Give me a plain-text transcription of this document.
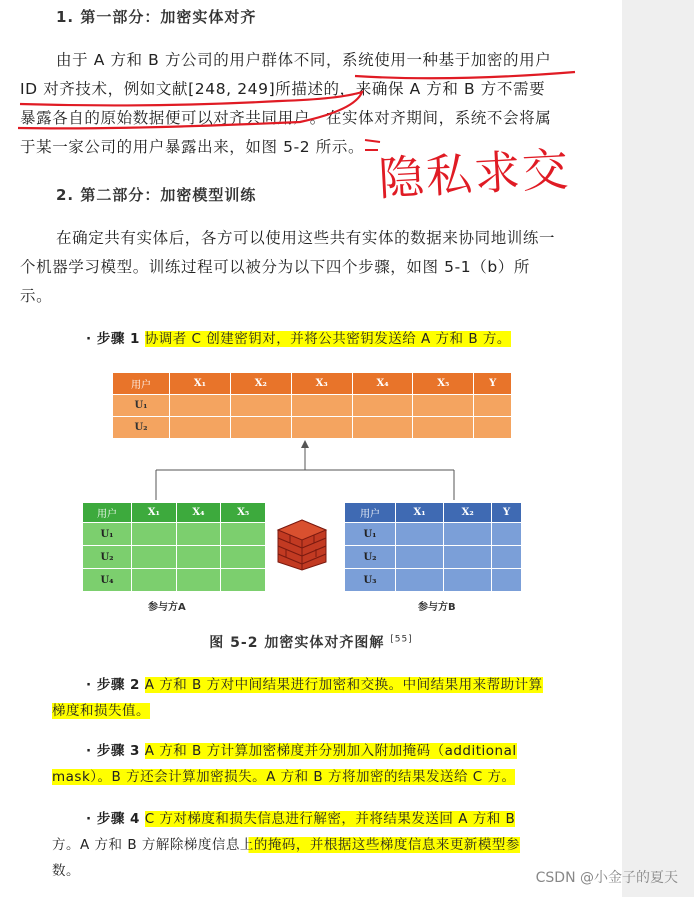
1. 第一部分：加密实体对齐
由于 A 方和 B 方公司的用户群体不同，系统使用一种基于加密的用户
ID 对齐技术，例如文献[248, 249]所描述的，来确保 A 方和 B 方不需要
暴露各自的原始数据便可以对齐共同用户。在实体对齐期间，系统不会将属
于某一家公司的用户暴露出来，如图 5-2 所示。 隐私求交
2. 第二部分：加密模型训练
在确定共有实体后，各方可以使用这些共有实体的数据来协同地训练一
个机器学习模型。训练过程可以被分为以下四个步骤，如图 5-1（b）所
示。
· 步骤 1 协调者 C 创建密钥对，并将公共密钥发送给 A 方和 B 方。
用户	X₁	X₂	X₃	X₄	X₅	Y
U₁						
U₂						
用户	X₁	X₄	X₅
U₁			
U₂			
U₄			
参与方A
用户	X₁	X₂	Y
U₁			
U₂			
U₃			
参与方B
图 5-2 加密实体对齐图解 [55]
· 步骤 2 A 方和 B 方对中间结果进行加密和交换。中间结果用来帮助计算
梯度和损失值。
· 步骤 3 A 方和 B 方计算加密梯度并分别加入附加掩码（additional
mask）。B 方还会计算加密损失。A 方和 B 方将加密的结果发送给 C 方。
· 步骤 4 C 方对梯度和损失信息进行解密，并将结果发送回 A 方和 B
方。A 方和 B 方解除梯度信息上的掩码，并根据这些梯度信息来更新模型参
数。	CSDN @小金子的夏天
